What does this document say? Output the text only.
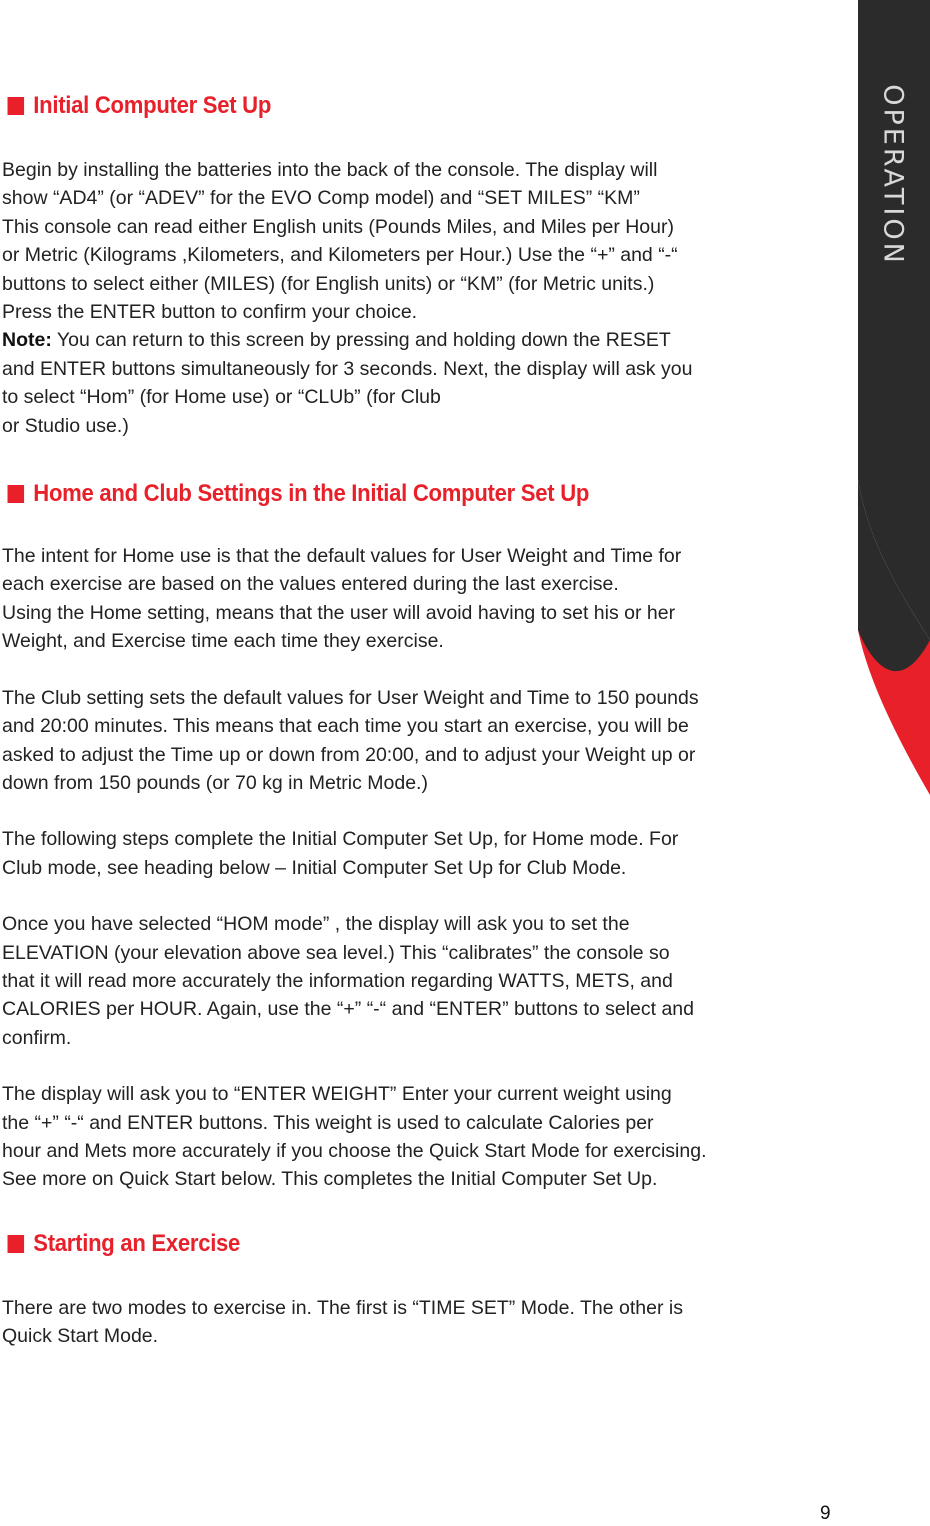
OPERATION
Initial Computer Set Up

Begin by installing the batteries into the back of the console. The display will
show “AD4” (or “ADEV” for the EVO Comp model) and “SET MILES” “KM”
This console can read either English units (Pounds Miles, and Miles per Hour)
or Metric (Kilograms ,Kilometers, and Kilometers per Hour.) Use the “+” and “-“
buttons to select either (MILES) (for English units) or “KM” (for Metric units.)
Press the ENTER button to confirm your choice.
Note: You can return to this screen by pressing and holding down the RESET
and ENTER buttons simultaneously for 3 seconds. Next, the display will ask you
to select “Hom” (for Home use) or “CLUb” (for Club
or Studio use.)

Home and Club Settings in the Initial Computer Set Up

The intent for Home use is that the default values for User Weight and Time for
each exercise are based on the values entered during the last exercise.
Using the Home setting, means that the user will avoid having to set his or her
Weight, and Exercise time each time they exercise.

The Club setting sets the default values for User Weight and Time to 150 pounds
and 20:00 minutes. This means that each time you start an exercise, you will be
asked to adjust the Time up or down from 20:00, and to adjust your Weight up or
down from 150 pounds (or 70 kg in Metric Mode.)

The following steps complete the Initial Computer Set Up, for Home mode. For
Club mode, see heading below – Initial Computer Set Up for Club Mode.

Once you have selected “HOM mode” , the display will ask you to set the
ELEVATION (your elevation above sea level.) This “calibrates” the console so
that it will read more accurately the information regarding WATTS, METS, and
CALORIES per HOUR. Again, use the “+” “-“ and “ENTER” buttons to select and
confirm.

The display will ask you to “ENTER WEIGHT” Enter your current weight using
the “+” “-“ and ENTER buttons. This weight is used to calculate Calories per
hour and Mets more accurately if you choose the Quick Start Mode for exercising.
See more on Quick Start below. This completes the Initial Computer Set Up.

Starting an Exercise

There are two modes to exercise in. The first is “TIME SET” Mode. The other is
Quick Start Mode.

9
